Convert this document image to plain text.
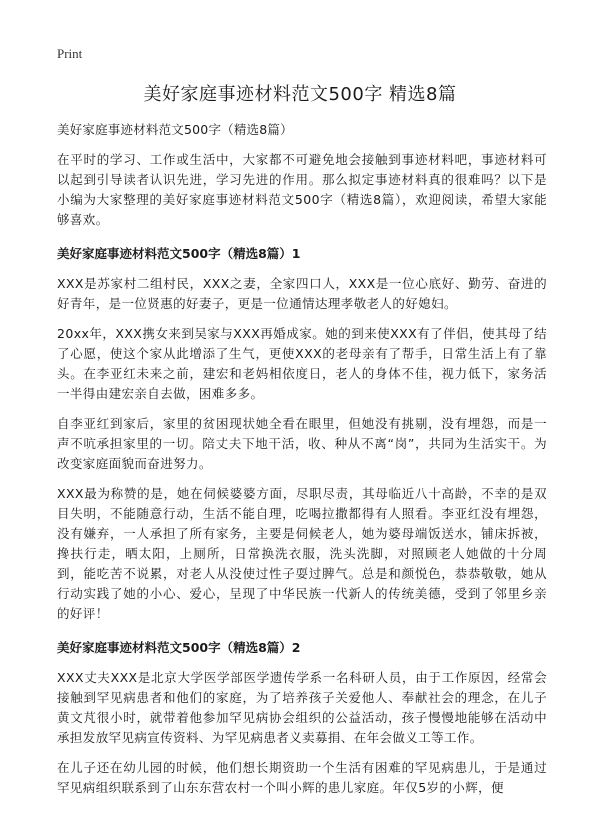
Print
美好家庭事迹材料范文500字 精选8篇
美好家庭事迹材料范文500字（精选8篇）

在平时的学习、工作或生活中，大家都不可避免地会接触到事迹材料吧，事迹材料可以起到引导读者认识先进，学习先进的作用。那么拟定事迹材料真的很难吗？以下是小编为大家整理的美好家庭事迹材料范文500字（精选8篇），欢迎阅读，希望大家能够喜欢。

美好家庭事迹材料范文500字（精选8篇）1

XXX是苏家村二组村民，XXX之妻，全家四口人，XXX是一位心底好、勤劳、奋进的好青年，是一位贤惠的好妻子，更是一位通情达理孝敬老人的好媳妇。

20xx年，XXX携女来到吴家与XXX再婚成家。她的到来使XXX有了伴侣，使其母了结了心愿，使这个家从此增添了生气，更使XXX的老母亲有了帮手，日常生活上有了靠头。在李亚红未来之前，建宏和老妈相依度日，老人的身体不佳，视力低下，家务活一半得由建宏亲自去做，困难多多。

自李亚红到家后，家里的贫困现状她全看在眼里，但她没有挑剔，没有埋怨，而是一声不吭承担家里的一切。陪丈夫下地干活，收、种从不离“岗”，共同为生活实干。为改变家庭面貌而奋进努力。

XXX最为称赞的是，她在伺候婆婆方面，尽职尽责，其母临近八十高龄，不幸的是双目失明，不能随意行动，生活不能自理，吃喝拉撒都得有人照看。李亚红没有埋怨，没有嫌弃，一人承担了所有家务，主要是伺候老人，她为婆母端饭送水，铺床拆被，搀扶行走，晒太阳，上厕所，日常换洗衣服，洗头洗脚，对照顾老人她做的十分周到，能吃苦不说累，对老人从没使过性子耍过脾气。总是和颜悦色，恭恭敬敬，她从行动实践了她的小心、爱心，呈现了中华民族一代新人的传统美德，受到了邻里乡亲的好评！

美好家庭事迹材料范文500字（精选8篇）2

XXX丈夫XXX是北京大学医学部医学遗传学系一名科研人员，由于工作原因，经常会接触到罕见病患者和他们的家庭，为了培养孩子关爱他人、奉献社会的理念，在儿子黄文芃很小时，就带着他参加罕见病协会组织的公益活动，孩子慢慢地能够在活动中承担发放罕见病宣传资料、为罕见病患者义卖募捐、在年会做义工等工作。

在儿子还在幼儿园的时候，他们想长期资助一个生活有困难的罕见病患儿，于是通过罕见病组织联系到了山东东营农村一个叫小辉的患儿家庭。年仅5岁的小辉，便
